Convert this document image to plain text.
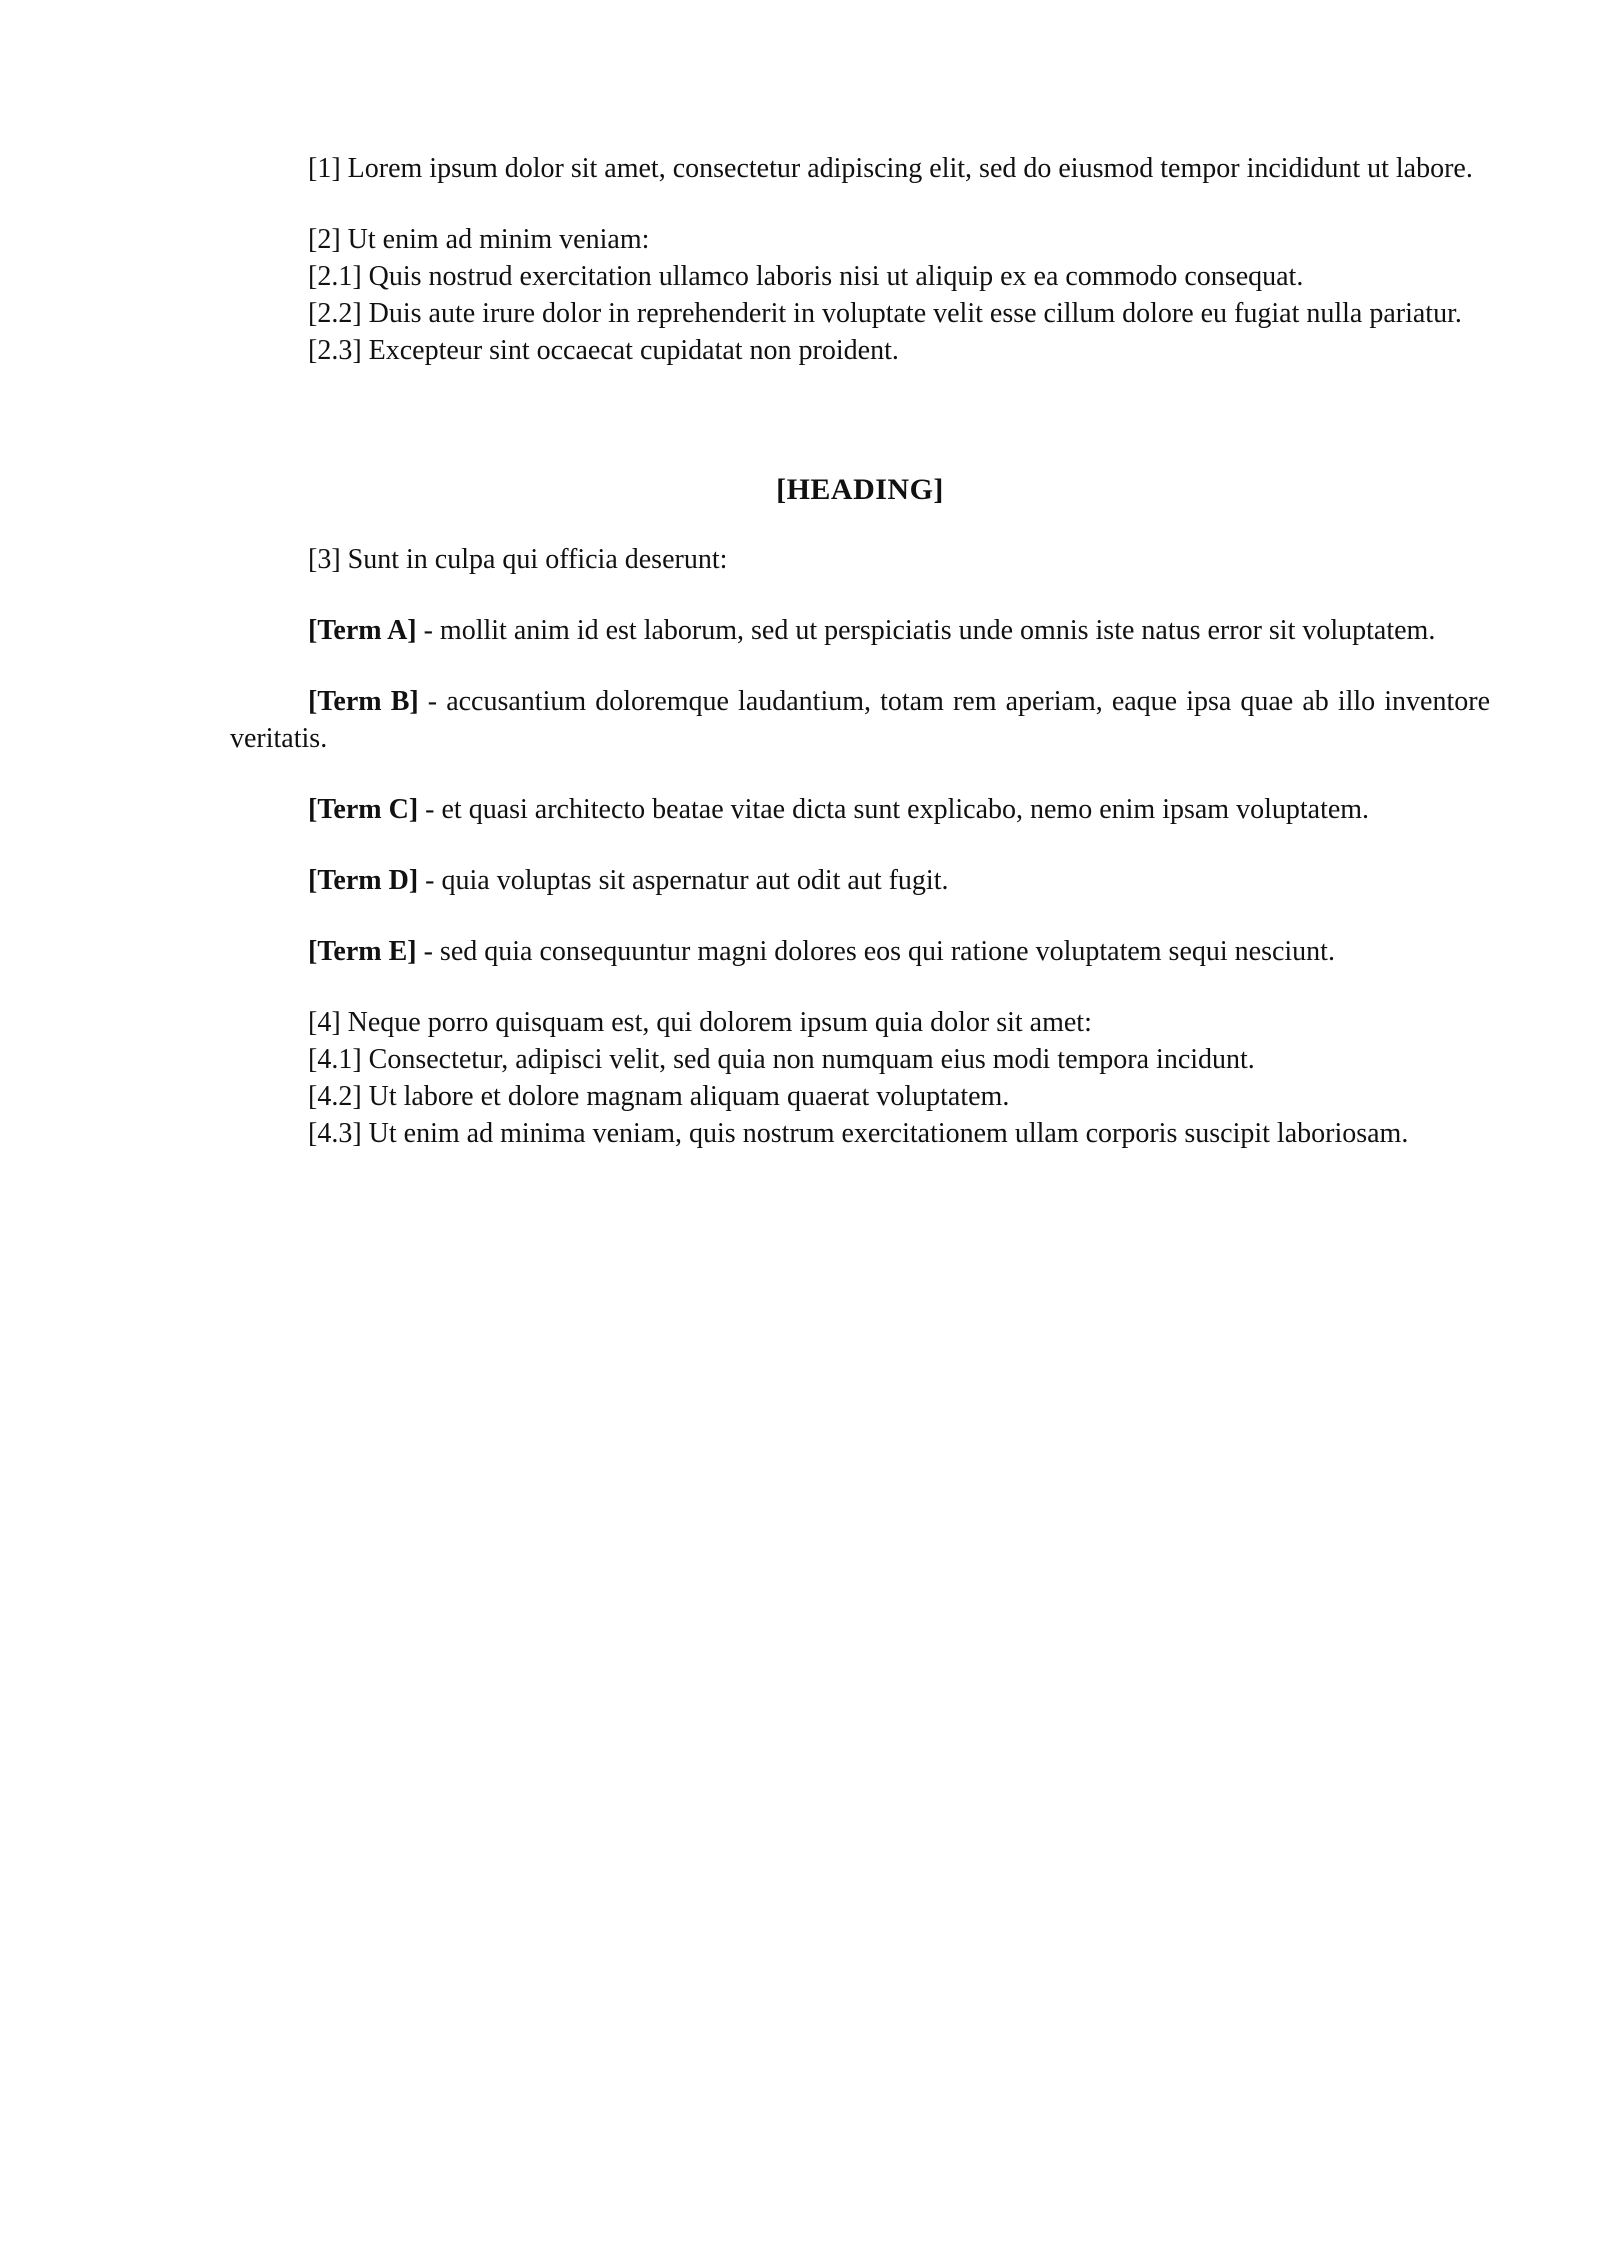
[1] Lorem ipsum dolor sit amet, consectetur adipiscing elit, sed do eiusmod tempor incididunt ut labore.

[2] Ut enim ad minim veniam:

[2.1] Quis nostrud exercitation ullamco laboris nisi ut aliquip ex ea commodo consequat.

[2.2] Duis aute irure dolor in reprehenderit in voluptate velit esse cillum dolore eu fugiat nulla pariatur.

[2.3] Excepteur sint occaecat cupidatat non proident.

[HEADING]

[3] Sunt in culpa qui officia deserunt:

[Term A] - mollit anim id est laborum, sed ut perspiciatis unde omnis iste natus error sit voluptatem.

[Term B] - accusantium doloremque laudantium, totam rem aperiam, eaque ipsa quae ab illo inventore veritatis.

[Term C] - et quasi architecto beatae vitae dicta sunt explicabo, nemo enim ipsam voluptatem.

[Term D] - quia voluptas sit aspernatur aut odit aut fugit.

[Term E] - sed quia consequuntur magni dolores eos qui ratione voluptatem sequi nesciunt.

[4] Neque porro quisquam est, qui dolorem ipsum quia dolor sit amet:

[4.1] Consectetur, adipisci velit, sed quia non numquam eius modi tempora incidunt.

[4.2] Ut labore et dolore magnam aliquam quaerat voluptatem.

[4.3] Ut enim ad minima veniam, quis nostrum exercitationem ullam corporis suscipit laboriosam.
